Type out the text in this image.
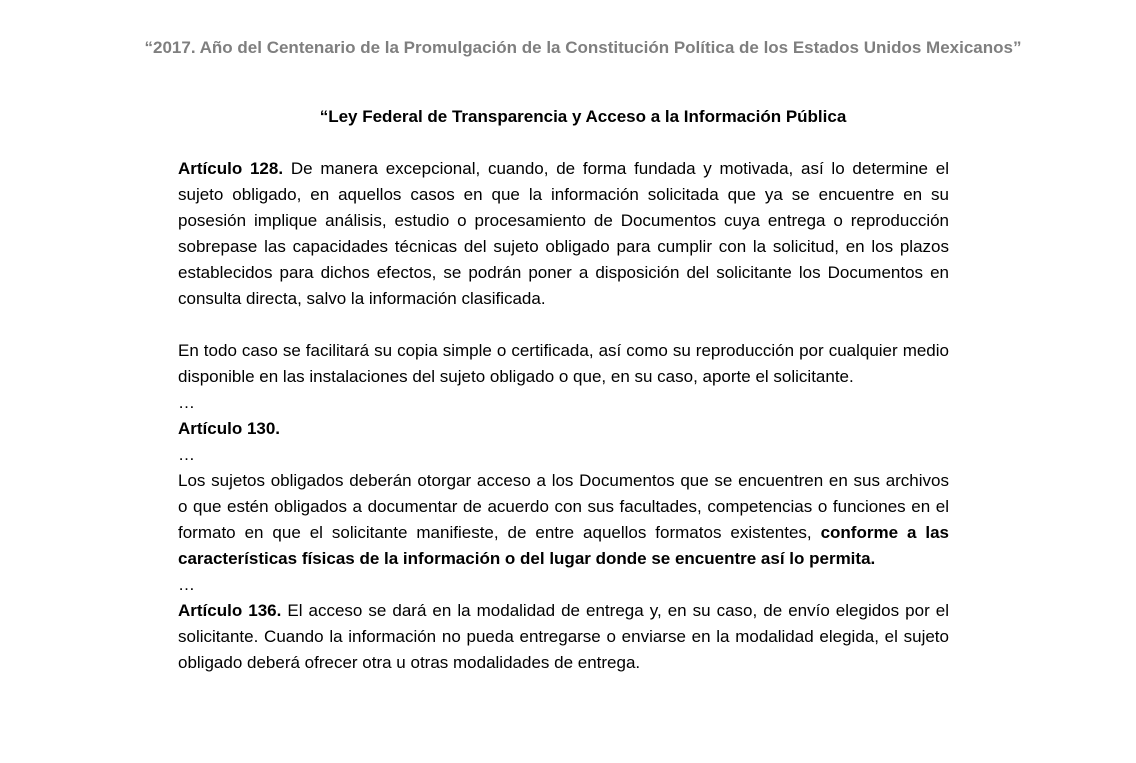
“2017. Año del Centenario de la Promulgación de la Constitución Política de los Estados Unidos Mexicanos”
“Ley Federal de Transparencia y Acceso a la Información Pública

Artículo 128. De manera excepcional, cuando, de forma fundada y motivada, así lo determine el sujeto obligado, en aquellos casos en que la información solicitada que ya se encuentre en su posesión implique análisis, estudio o procesamiento de Documentos cuya entrega o reproducción sobrepase las capacidades técnicas del sujeto obligado para cumplir con la solicitud, en los plazos establecidos para dichos efectos, se podrán poner a disposición del solicitante los Documentos en consulta directa, salvo la información clasificada.

En todo caso se facilitará su copia simple o certificada, así como su reproducción por cualquier medio disponible en las instalaciones del sujeto obligado o que, en su caso, aporte el solicitante.

…

Artículo 130.

…

Los sujetos obligados deberán otorgar acceso a los Documentos que se encuentren en sus archivos o que estén obligados a documentar de acuerdo con sus facultades, competencias o funciones en el formato en que el solicitante manifieste, de entre aquellos formatos existentes, conforme a las características físicas de la información o del lugar donde se encuentre así lo permita.

…

Artículo 136. El acceso se dará en la modalidad de entrega y, en su caso, de envío elegidos por el solicitante. Cuando la información no pueda entregarse o enviarse en la modalidad elegida, el sujeto obligado deberá ofrecer otra u otras modalidades de entrega.
